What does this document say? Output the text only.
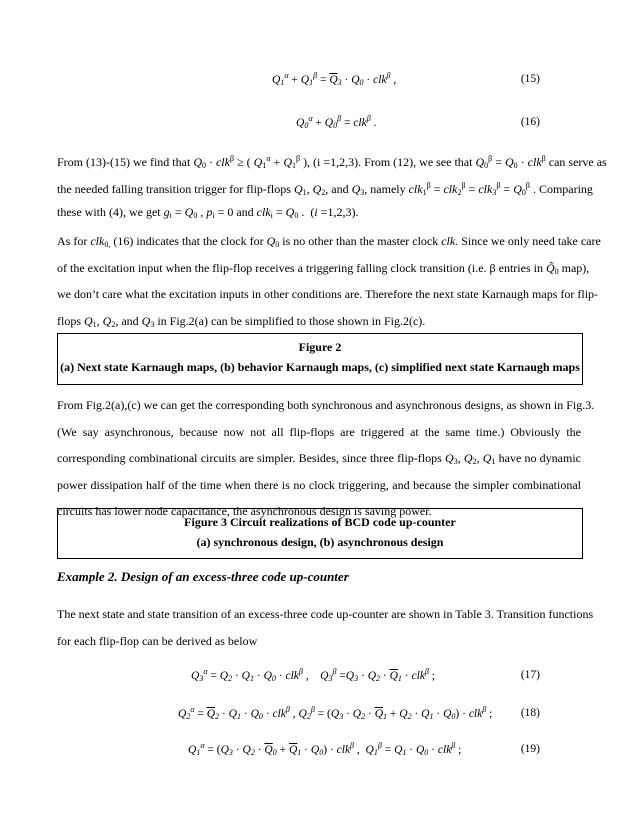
$Q_1^\alpha + Q_1^\beta = \overline{Q}_3 \cdot Q_0 \cdot clk^\beta$ ,	(15)
$Q_0^\alpha + Q_0^\beta = clk^\beta$ .	(16)
From (13)-(15) we find that $Q_0 \cdot clk^\beta$ ≥ ( $Q_1^\alpha + Q_1^\beta$ ), (i =1,2,3). From (12), we see that $Q_0^\beta = Q_0 \cdot clk^\beta$ can serve as
the needed falling transition trigger for flip-flops $Q_1$, $Q_2$, and $Q_3$, namely $clk_1^\beta = clk_2^\beta = clk_3^\beta = Q_0^\beta$ . Comparing
these with (4), we get $g_i = Q_0$ , $p_i = 0$ and $clk_i = Q_0$ .  (i =1,2,3).
As for clk$_{0,}$ (16) indicates that the clock for $Q_0$ is no other than the master clock clk. Since we only need take care
of the excitation input when the flip-flop receives a triggering falling clock transition (i.e. β entries in $Q̃_0$ map),
we don’t care what the excitation inputs in other conditions are. Therefore the next state Karnaugh maps for flip-
flops $Q_1$, $Q_2$, and $Q_3$ in Fig.2(a) can be simplified to those shown in Fig.2(c).
Figure 2
(a) Next state Karnaugh maps, (b) behavior Karnaugh maps, (c) simplified next state Karnaugh maps
From Fig.2(a),(c) we can get the corresponding both synchronous and asynchronous designs, as shown in Fig.3.
(We say asynchronous, because now not all flip-flops are triggered at the same time.) Obviously the
corresponding combinational circuits are simpler. Besides, since three flip-flops $Q_3$, $Q_2$, $Q_1$ have no dynamic
power dissipation half of the time when there is no clock triggering, and because the simpler combinational
circuits has lower node capacitance, the asynchronous design is saving power.
Figure 3 Circuit realizations of BCD code up-counter
(a) synchronous design, (b) asynchronous design
Example 2. Design of an excess-three code up-counter
The next state and state transition of an excess-three code up-counter are shown in Table 3. Transition functions
for each flip-flop can be derived as below
$Q_3^\alpha = Q_2 \cdot Q_1 \cdot Q_0 \cdot clk^\beta$ ,    $Q_3^\beta =Q_3 \cdot Q_2 \cdot \overline{Q}_1 \cdot clk^\beta$ ;	(17)
$Q_2^\alpha = \overline{Q}_2 \cdot Q_1 \cdot Q_0 \cdot clk^\beta$ , $Q_2^\beta = (Q_3 \cdot Q_2 \cdot \overline{Q}_1 + Q_2 \cdot Q_1 \cdot Q_0) \cdot clk^\beta$ ; (18)
$Q_1^\alpha = (Q_3 \cdot Q_2 \cdot \overline{Q}_0 + \overline{Q}_1 \cdot Q_0) \cdot clk^\beta$ ,  $Q_1^\beta = Q_1 \cdot Q_0 \cdot clk^\beta$ ;	(19)
